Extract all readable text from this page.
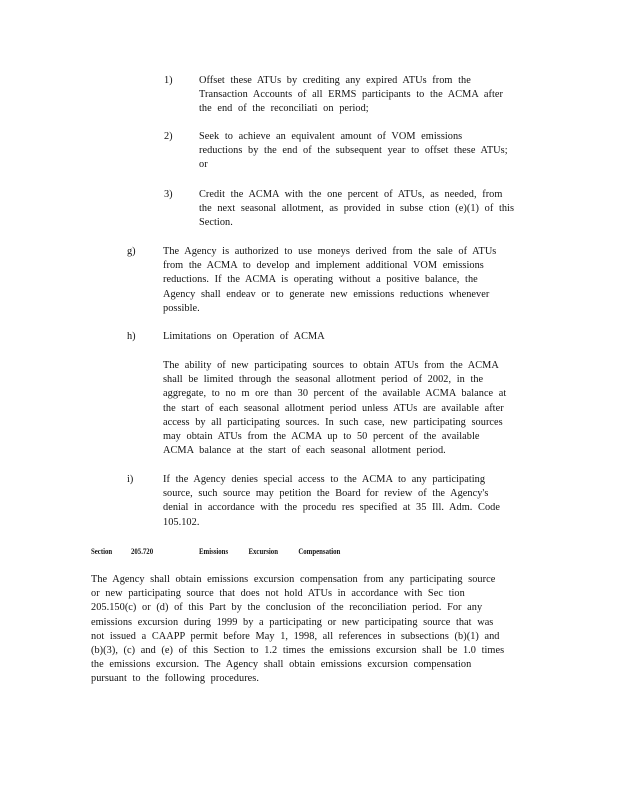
1)	Offset these ATUs by crediting any expired ATUs from the
Transaction Accounts of all ERMS participants to the ACMA after
the end of the reconciliati on period;
2)	Seek to achieve an equivalent amount of VOM emissions
reductions by the end of the subsequent year to offset these ATUs;
or
3)	Credit the ACMA with the one percent of ATUs, as needed, from
the next seasonal allotment, as provided in subse ction (e)(1) of this
Section.
g)	The Agency is authorized to use moneys derived from the sale of ATUs
from the ACMA to develop and implement additional VOM emissions
reductions. If the ACMA is operating without a positive balance, the
Agency shall endeav or to generate new emissions reductions whenever
possible.
h)	Limitations on Operation of ACMA
The ability of new participating sources to obtain ATUs from the ACMA
shall be limited through the seasonal allotment period of 2002, in the
aggregate, to no m ore than 30 percent of the available ACMA balance at
the start of each seasonal allotment period unless ATUs are available after
access by all participating sources. In such case, new participating sources
may obtain ATUs from the ACMA up to 50 percent of the available
ACMA balance at the start of each seasonal allotment period.
i)	If the Agency denies special access to the ACMA to any participating
source, such source may petition the Board for review of the Agency's
denial in accordance with the procedu res specified at 35 Ill. Adm. Code
105.102.
Section 205.720	Emissions Excursion Compensation
The Agency shall obtain emissions excursion compensation from any participating source
or new participating source that does not hold ATUs in accordance with Sec tion
205.150(c) or (d) of this Part by the conclusion of the reconciliation period. For any
emissions excursion during 1999 by a participating or new participating source that was
not issued a CAAPP permit before May 1, 1998, all references in subsections (b)(1) and
(b)(3), (c) and (e) of this Section to 1.2 times the emissions excursion shall be 1.0 times
the emissions excursion. The Agency shall obtain emissions excursion compensation
pursuant to the following procedures.
